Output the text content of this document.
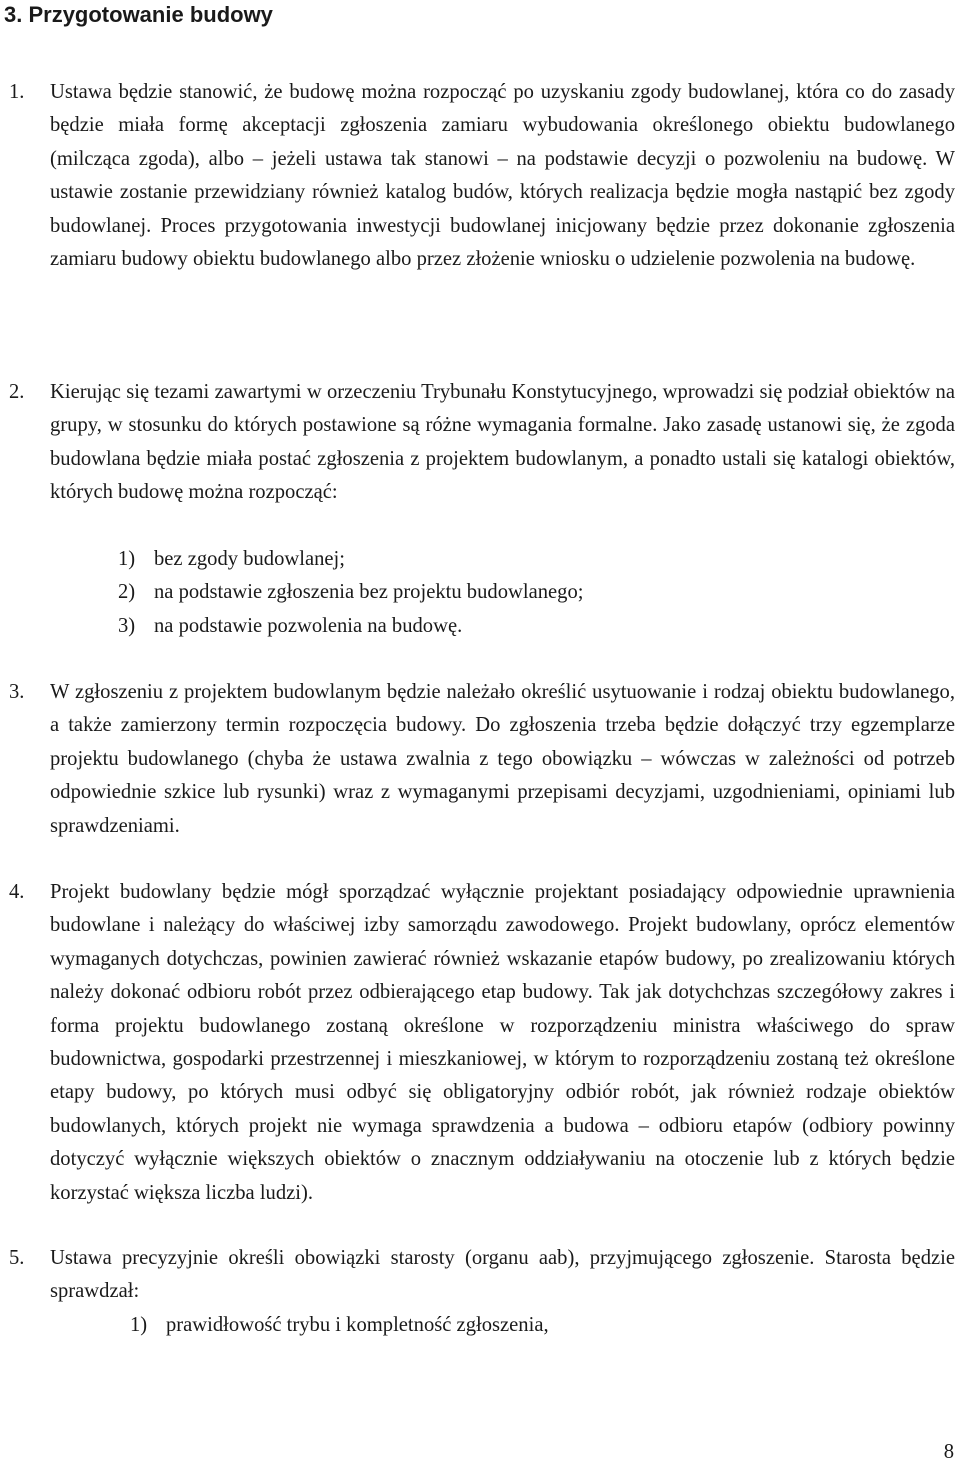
3. Przygotowanie budowy
1. Ustawa będzie stanowić, że budowę można rozpocząć po uzyskaniu zgody budowlanej, która co do zasady będzie miała formę akceptacji zgłoszenia zamiaru wybudowania określonego obiektu budowlanego (milcząca zgoda), albo – jeżeli ustawa tak stanowi – na podstawie decyzji o pozwoleniu na budowę. W ustawie zostanie przewidziany również katalog budów, których realizacja będzie mogła nastąpić bez zgody budowlanej. Proces przygotowania inwestycji budowlanej inicjowany będzie przez dokonanie zgłoszenia zamiaru budowy obiektu budowlanego albo przez złożenie wniosku o udzielenie pozwolenia na budowę.
2. Kierując się tezami zawartymi w orzeczeniu Trybunału Konstytucyjnego, wprowadzi się podział obiektów na grupy, w stosunku do których postawione są różne wymagania formalne. Jako zasadę ustanowi się, że zgoda budowlana będzie miała postać zgłoszenia z projektem budowlanym, a ponadto ustali się katalogi obiektów, których budowę można rozpocząć:
1) bez zgody budowlanej;
2) na podstawie zgłoszenia bez projektu budowlanego;
3) na podstawie pozwolenia na budowę.
3. W zgłoszeniu z projektem budowlanym będzie należało określić usytuowanie i rodzaj obiektu budowlanego, a także zamierzony termin rozpoczęcia budowy. Do zgłoszenia trzeba będzie dołączyć trzy egzemplarze projektu budowlanego (chyba że ustawa zwalnia z tego obowiązku – wówczas w zależności od potrzeb odpowiednie szkice lub rysunki) wraz z wymaganymi przepisami decyzjami, uzgodnieniami, opiniami lub sprawdzeniami.
4. Projekt budowlany będzie mógł sporządzać wyłącznie projektant posiadający odpowiednie uprawnienia budowlane i należący do właściwej izby samorządu zawodowego. Projekt budowlany, oprócz elementów wymaganych dotychczas, powinien zawierać również wskazanie etapów budowy, po zrealizowaniu których należy dokonać odbioru robót przez odbierającego etap budowy. Tak jak dotychchzas szczegółowy zakres i forma projektu budowlanego zostaną określone w rozporządzeniu ministra właściwego do spraw budownictwa, gospodarki przestrzennej i mieszkaniowej, w którym to rozporządzeniu zostaną też określone etapy budowy, po których musi odbyć się obligatoryjny odbiór robót, jak również rodzaje obiektów budowlanych, których projekt nie wymaga sprawdzenia a budowa – odbioru etapów (odbiory powinny dotyczyć wyłącznie większych obiektów o znacznym oddziaływaniu na otoczenie lub z których będzie korzystać większa liczba ludzi).
5. Ustawa precyzyjnie określi obowiązki starosty (organu aab), przyjmującego zgłoszenie. Starosta będzie sprawdzał:
1) prawidłowość trybu i kompletność zgłoszenia,
8
